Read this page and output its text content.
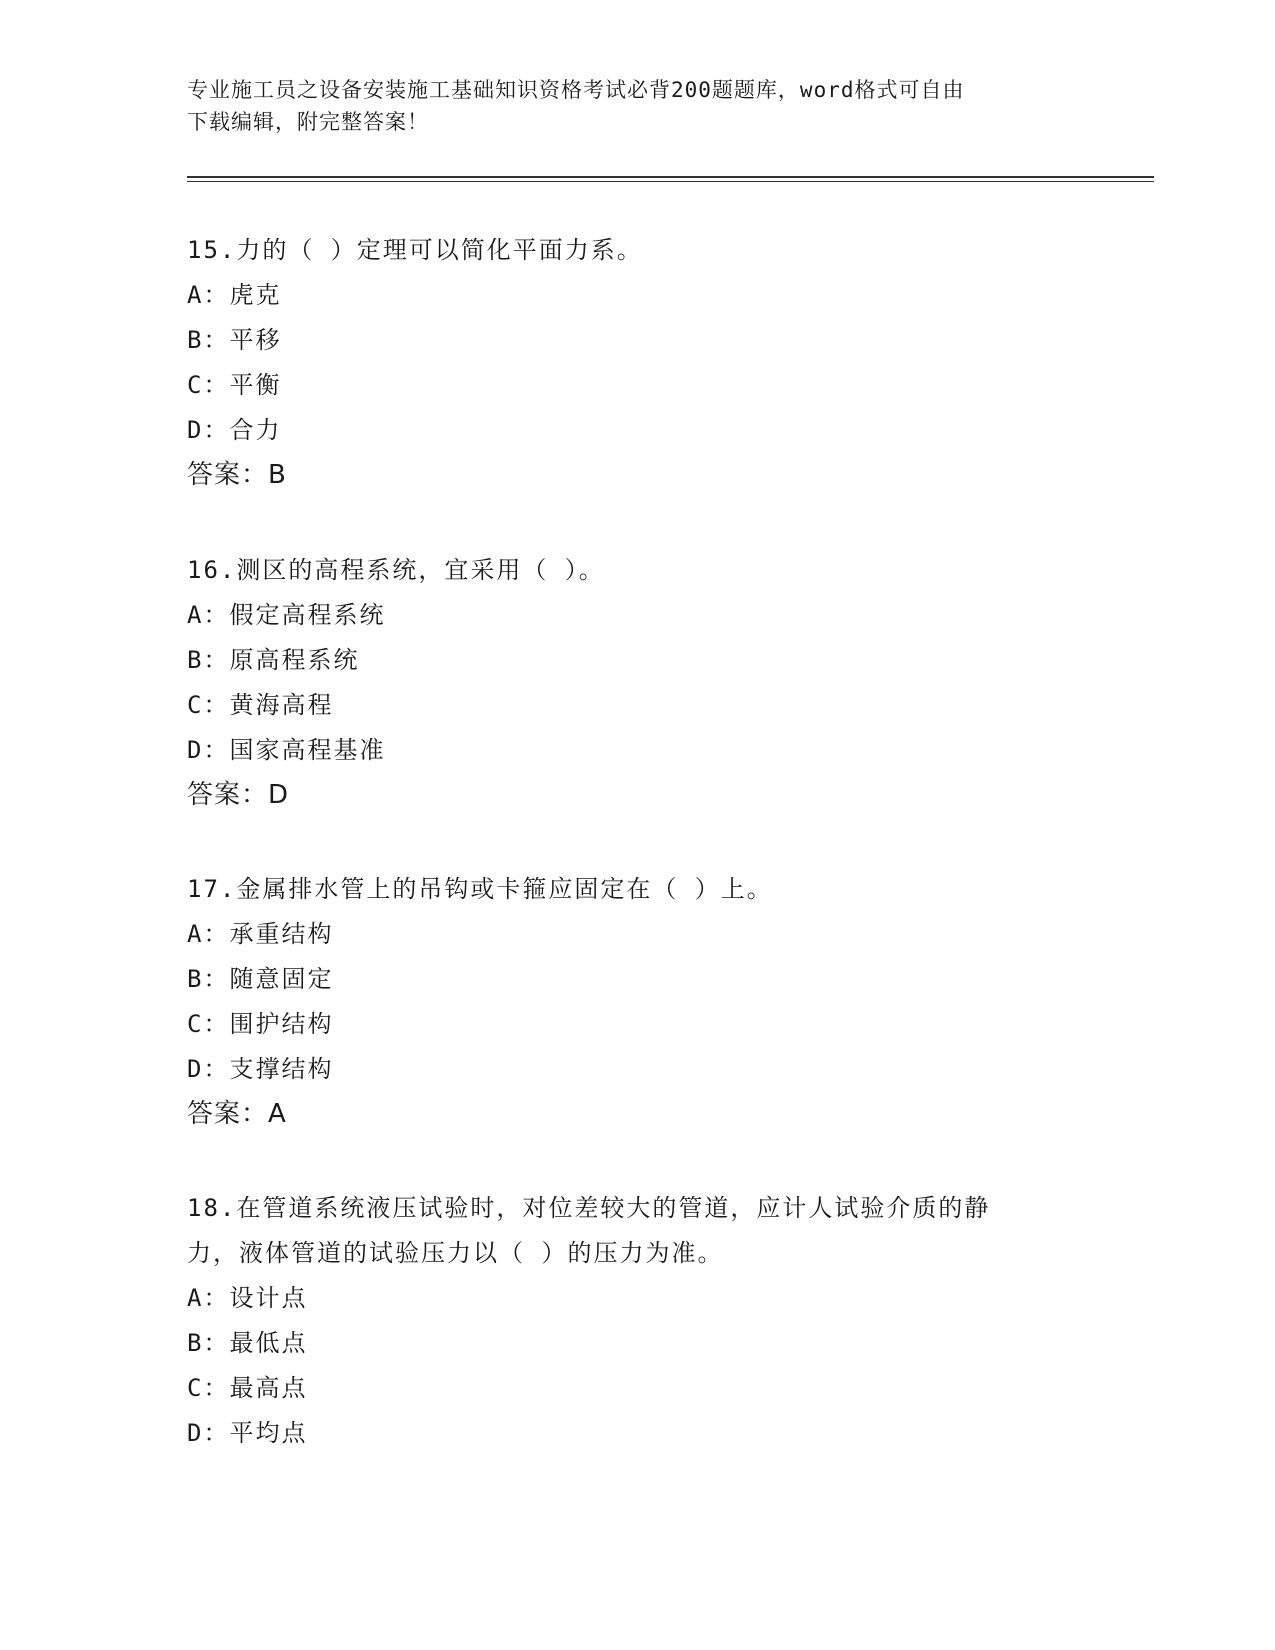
专业施工员之设备安装施工基础知识资格考试必背200题题库，word格式可自由
下载编辑，附完整答案！
15.力的（ ）定理可以简化平面力系。
A：虎克
B：平移
C：平衡
D：合力
答案：B
16.测区的高程系统，宜采用（ ）。
A：假定高程系统
B：原高程系统
C：黄海高程
D：国家高程基准
答案：D
17.金属排水管上的吊钩或卡箍应固定在（ ）上。
A：承重结构
B：随意固定
C：围护结构
D：支撑结构
答案：A
18.在管道系统液压试验时，对位差较大的管道，应计人试验介质的静
力，液体管道的试验压力以（ ）的压力为准。
A：设计点
B：最低点
C：最高点
D：平均点
